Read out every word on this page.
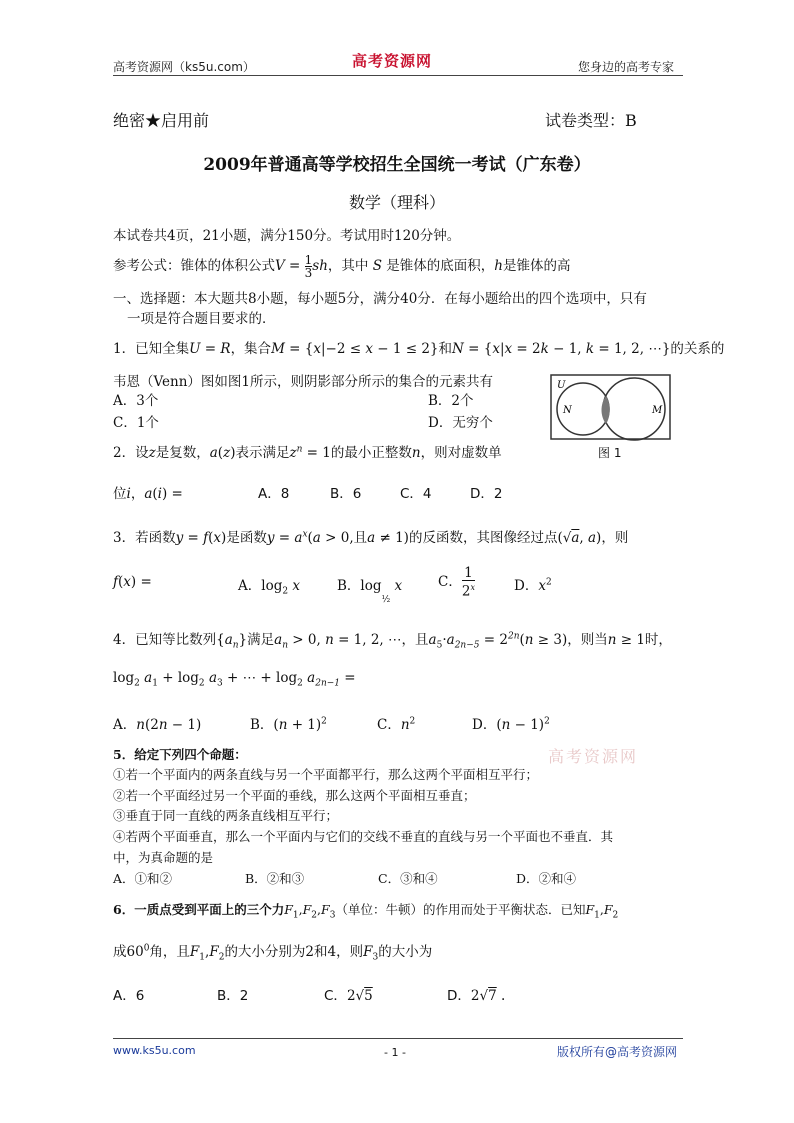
高考资源网（ks5u.com）	高考资源网	您身边的高考专家
绝密★启用前	试卷类型：B
2009年普通高等学校招生全国统一考试（广东卷）
数学（理科）
本试卷共4页，21小题，满分150分。考试用时120分钟。
参考公式：锥体的体积公式$V = \frac{1}{3}$ sh，其中 S 是锥体的底面积，h是锥体的高
一、选择题：本大题共8小题，每小题5分，满分40分．在每小题给出的四个选项中，只有
一项是符合题目要求的．
1．已知全集U = R，集合M = {x|−2 ≤ x − 1 ≤ 2}和N = {x|x = 2k − 1, k = 1, 2, ⋯}的关系的
韦恩（Venn）图如图1所示，则阴影部分所示的集合的元素共有
A．3个	B．2个
C．1个	D．无穷个
U
N	M
图 1
2．设z是复数，a(z)表示满足$z^n = 1$的最小正整数n，则对虚数单
位i，a(i) =	A．8	B．6	C．4	D．2
3．若函数y = f(x)是函数$y = a^x(a > 0$,且a ≠ 1)的反函数，其图像经过点(√a, a)，则
f(x) =	A．$\log_2 x$	B．$\log_{\frac{1}{2}} x$	C． $\frac{1}{2^x}$	D．$x^2$
4．已知等比数列$\{a_n\}$满足$a_n > 0$, n = 1, 2, ⋯，且$a_5\cdot a_{2n-5} = 2^{2n}(n \ge 3)$，则当n ≥ 1时，
$\log_2 a_1 + \log_2 a_3$ + ⋯ + $\log_2 a_{2n-1}$ =
A．n(2n − 1)	B．$(n + 1)^2$	C．$n^2$	D．$(n - 1)^2$
高考资源网
5．给定下列四个命题：
①若一个平面内的两条直线与另一个平面都平行，那么这两个平面相互平行；
②若一个平面经过另一个平面的垂线，那么这两个平面相互垂直；
③垂直于同一直线的两条直线相互平行；
④若两个平面垂直，那么一个平面内与它们的交线不垂直的直线与另一个平面也不垂直．其
中，为真命题的是
A．①和②	B．②和③	C．③和④	D．②和④
6．一质点受到平面上的三个力$F_1,F_2,F_3$（单位：牛顿）的作用而处于平衡状态．已知$F_1,F_2$
成$60^0$角，且$F_1,F_2$的大小分别为2和4，则$F_3$的大小为
A．6	B．2	C．2√5	D．2√7 .
www.ks5u.com	- 1 -	版权所有@高考资源网
